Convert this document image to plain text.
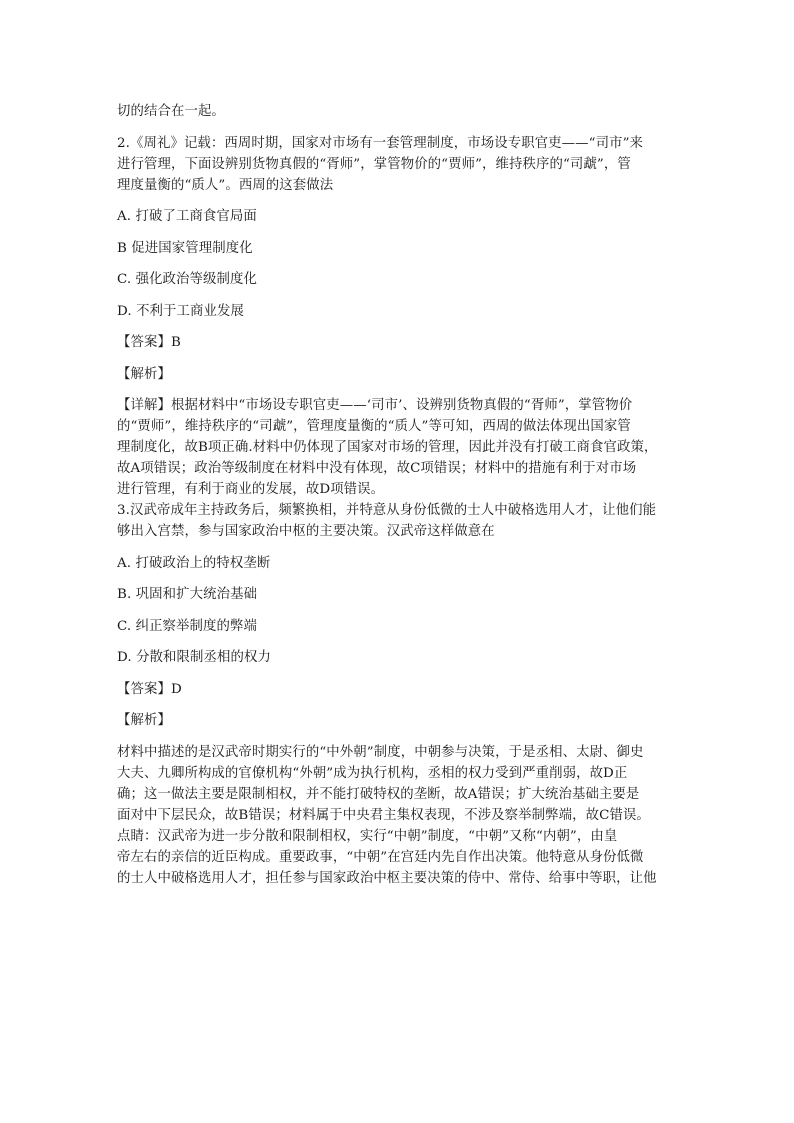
切的结合在一起。

2.《周礼》记载：西周时期，国家对市场有一套管理制度，市场设专职官吏——“司市”来

进行管理，下面设辨别货物真假的“胥师”，掌管物价的“贾师”，维持秩序的“司虣”，管

理度量衡的“质人”。西周的这套做法

A. 打破了工商食官局面

B 促进国家管理制度化

C. 强化政治等级制度化

D. 不利于工商业发展

【答案】B

【解析】

【详解】根据材料中“市场设专职官吏——‘司市’、设辨别货物真假的“胥师”，掌管物价

的“贾师”，维持秩序的“司虣”，管理度量衡的“质人”等可知，西周的做法体现出国家管

理制度化，故B项正确.材料中仍体现了国家对市场的管理，因此并没有打破工商食官政策，

故A项错误；政治等级制度在材料中没有体现，故C项错误；材料中的措施有利于对市场

进行管理，有利于商业的发展，故D项错误。

3.汉武帝成年主持政务后，频繁换相，并特意从身份低微的士人中破格选用人才，让他们能

够出入宫禁，参与国家政治中枢的主要决策。汉武帝这样做意在

A. 打破政治上的特权垄断

B. 巩固和扩大统治基础

C. 纠正察举制度的弊端

D. 分散和限制丞相的权力

【答案】D

【解析】

材料中描述的是汉武帝时期实行的“中外朝”制度，中朝参与决策，于是丞相、太尉、御史

大夫、九卿所构成的官僚机构“外朝”成为执行机构，丞相的权力受到严重削弱，故D正

确；这一做法主要是限制相权，并不能打破特权的垄断，故A错误；扩大统治基础主要是

面对中下层民众，故B错误；材料属于中央君主集权表现，不涉及察举制弊端，故C错误。

点睛：汉武帝为进一步分散和限制相权，实行“中朝”制度，“中朝”又称“内朝”，由皇

帝左右的亲信的近臣构成。重要政事，“中朝”在宫廷内先自作出决策。他特意从身份低微

的士人中破格选用人才，担任参与国家政治中枢主要决策的侍中、常侍、给事中等职，让他
